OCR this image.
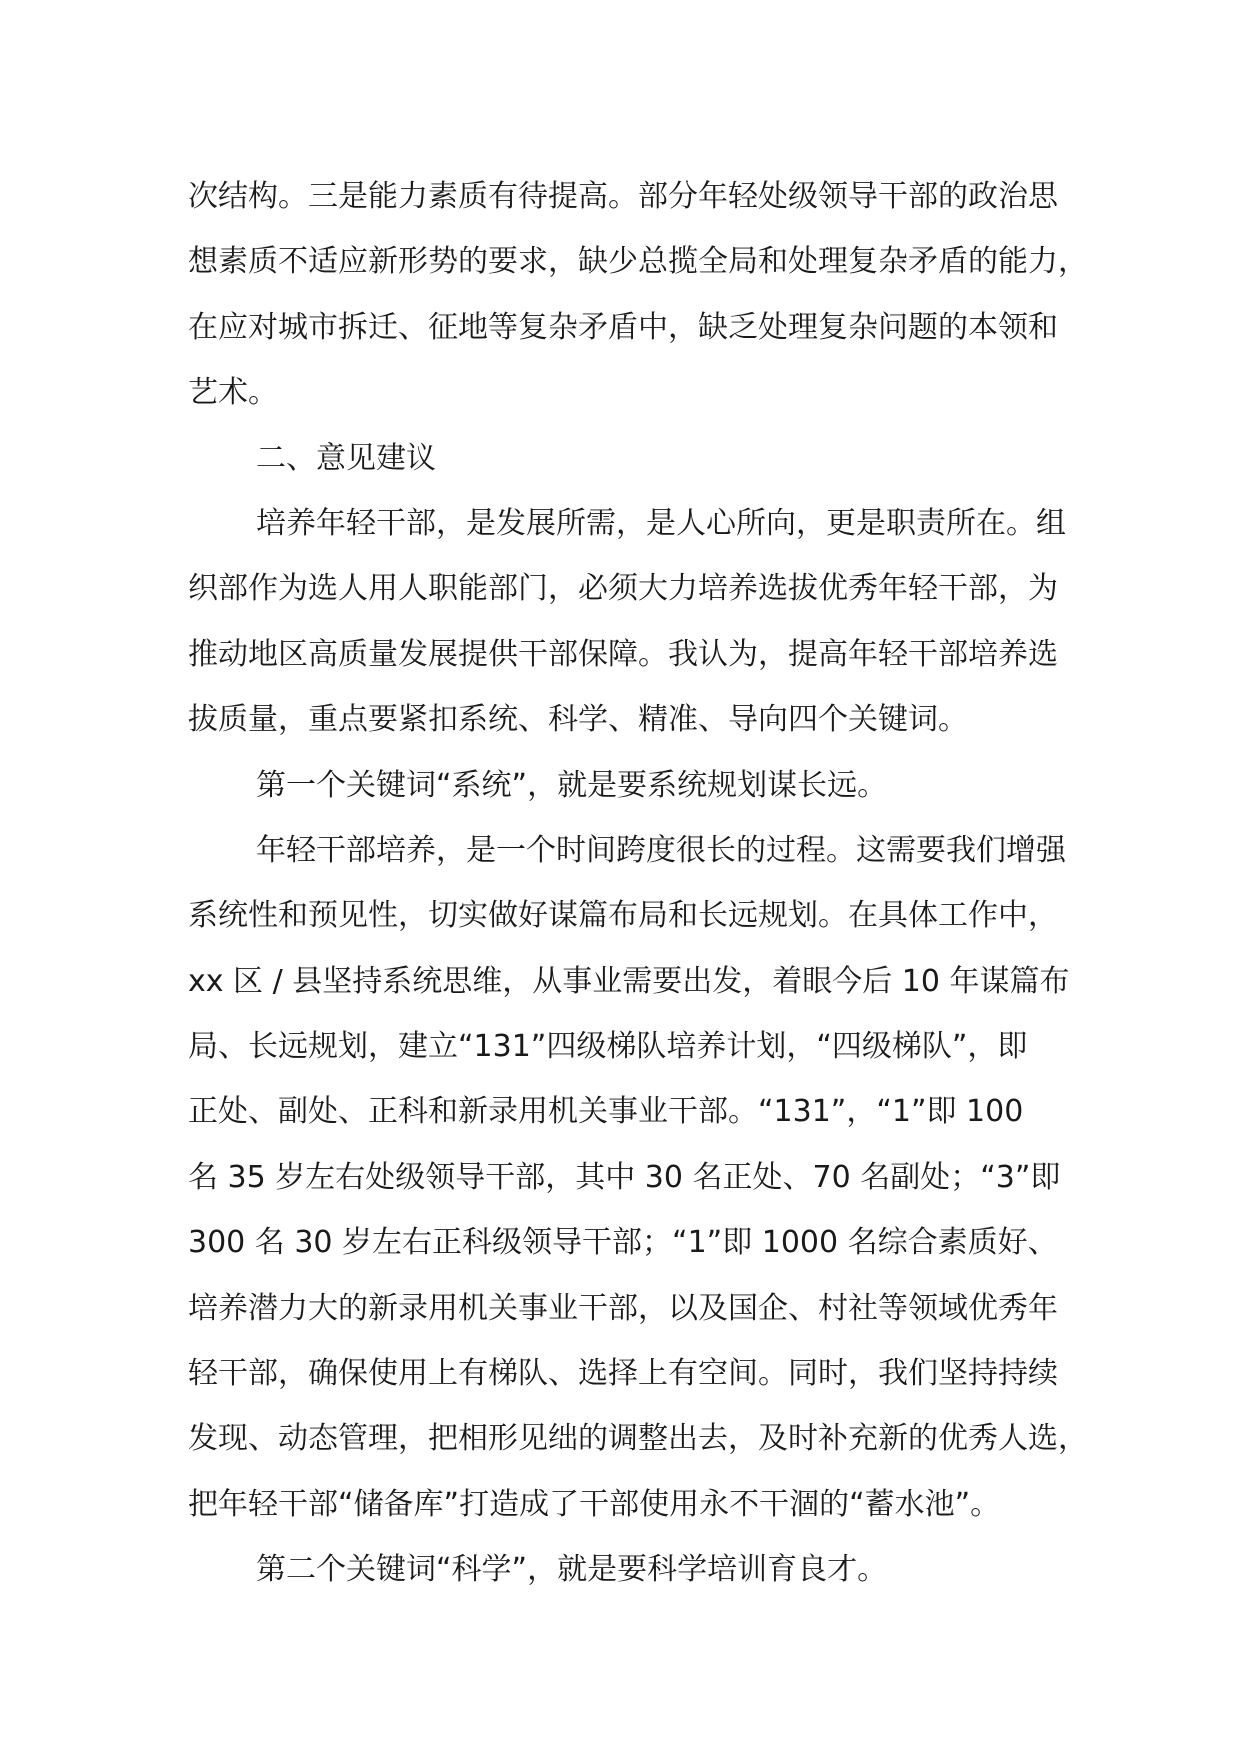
次结构。三是能力素质有待提高。部分年轻处级领导干部的政治思
想素质不适应新形势的要求，缺少总揽全局和处理复杂矛盾的能力，
在应对城市拆迁、征地等复杂矛盾中，缺乏处理复杂问题的本领和
艺术。
二、意见建议
培养年轻干部，是发展所需，是人心所向，更是职责所在。组
织部作为选人用人职能部门，必须大力培养选拔优秀年轻干部，为
推动地区高质量发展提供干部保障。我认为，提高年轻干部培养选
拔质量，重点要紧扣系统、科学、精准、导向四个关键词。
第一个关键词“系统”，就是要系统规划谋长远。
年轻干部培养，是一个时间跨度很长的过程。这需要我们增强
系统性和预见性，切实做好谋篇布局和长远规划。在具体工作中，
xx 区 / 县坚持系统思维，从事业需要出发，着眼今后 10 年谋篇布
局、长远规划，建立“131”四级梯队培养计划，“四级梯队”，即
正处、副处、正科和新录用机关事业干部。“131”，“1”即 100
名 35 岁左右处级领导干部，其中 30 名正处、70 名副处；“3”即
300 名 30 岁左右正科级领导干部；“1”即 1000 名综合素质好、
培养潜力大的新录用机关事业干部，以及国企、村社等领域优秀年
轻干部，确保使用上有梯队、选择上有空间。同时，我们坚持持续
发现、动态管理，把相形见绌的调整出去，及时补充新的优秀人选，
把年轻干部“储备库”打造成了干部使用永不干涸的“蓄水池”。
第二个关键词“科学”，就是要科学培训育良才。
